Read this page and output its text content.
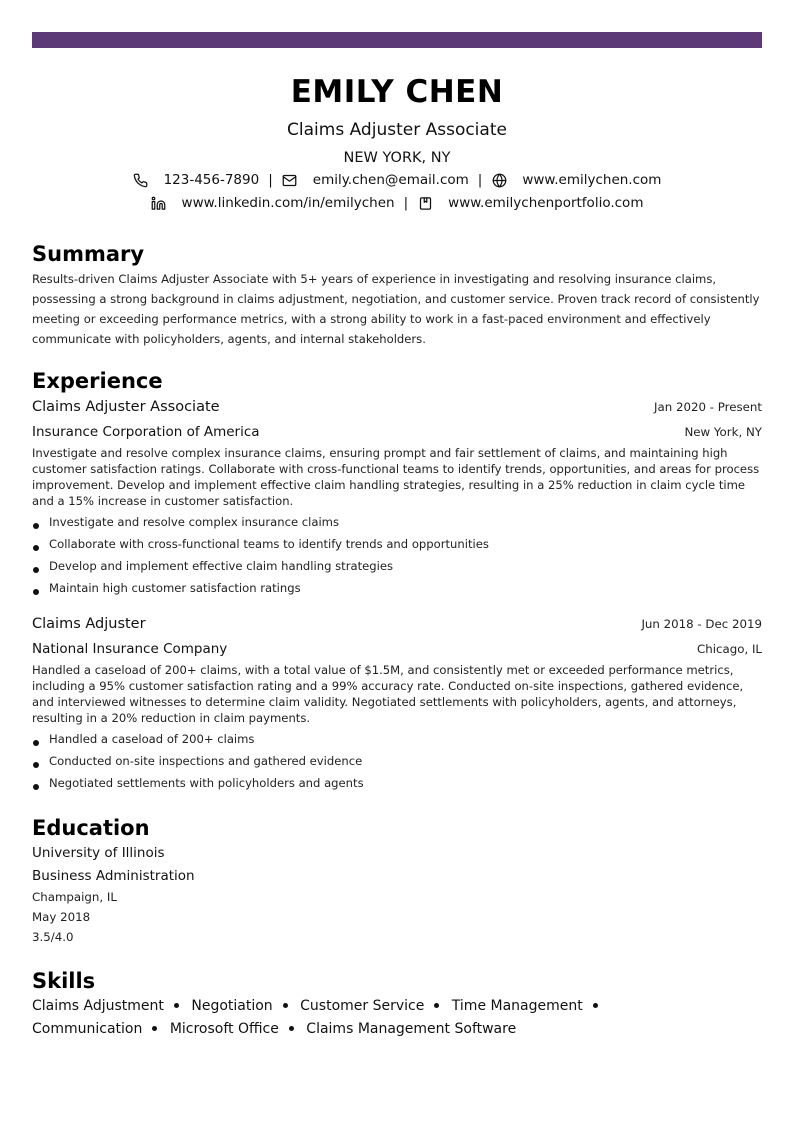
EMILY CHEN
Claims Adjuster Associate
NEW YORK, NY
123-456-7890 |	emily.chen@email.com |	www.emilychen.com
www.linkedin.com/in/emilychen |	www.emilychenportfolio.com
Summary
Results-driven Claims Adjuster Associate with 5+ years of experience in investigating and resolving insurance claims, possessing a strong background in claims adjustment, negotiation, and customer service. Proven track record of consistently meeting or exceeding performance metrics, with a strong ability to work in a fast-paced environment and effectively communicate with policyholders, agents, and internal stakeholders.
Experience
Claims Adjuster Associate	Jan 2020 - Present
Insurance Corporation of America	New York, NY
Investigate and resolve complex insurance claims, ensuring prompt and fair settlement of claims, and maintaining high customer satisfaction ratings. Collaborate with cross-functional teams to identify trends, opportunities, and areas for process improvement. Develop and implement effective claim handling strategies, resulting in a 25% reduction in claim cycle time and a 15% increase in customer satisfaction.
Investigate and resolve complex insurance claims
Collaborate with cross-functional teams to identify trends and opportunities
Develop and implement effective claim handling strategies
Maintain high customer satisfaction ratings
Claims Adjuster	Jun 2018 - Dec 2019
National Insurance Company	Chicago, IL
Handled a caseload of 200+ claims, with a total value of $1.5M, and consistently met or exceeded performance metrics, including a 95% customer satisfaction rating and a 99% accuracy rate. Conducted on-site inspections, gathered evidence, and interviewed witnesses to determine claim validity. Negotiated settlements with policyholders, agents, and attorneys, resulting in a 20% reduction in claim payments.
Handled a caseload of 200+ claims
Conducted on-site inspections and gathered evidence
Negotiated settlements with policyholders and agents
Education
University of Illinois
Business Administration
Champaign, IL
May 2018
3.5/4.0
Skills
Claims Adjustment Negotiation Customer Service Time Management Communication Microsoft Office Claims Management Software
